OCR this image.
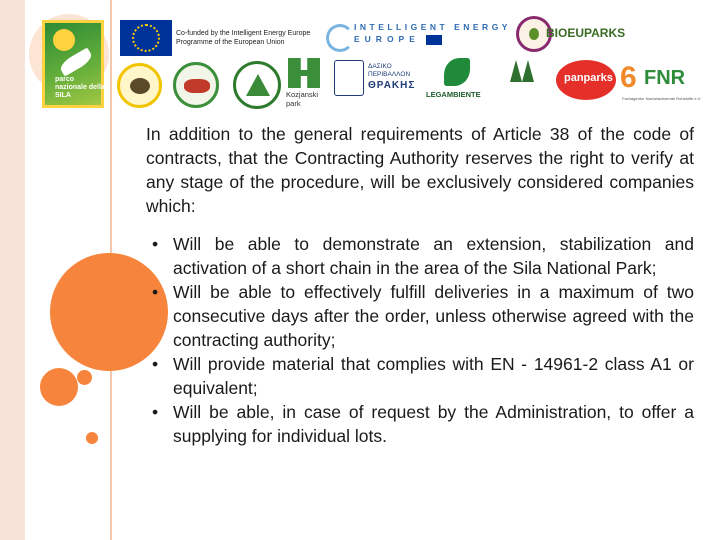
parco nazionale della SILA
Co-funded by the Intelligent Energy Europe Programme of the European Union
INTELLIGENT ENERGY
EUROPE	BIOEUPARKS
Kozjanski park
ΔΑΣΙΚΟ ΠΕΡΙΒΑΛΛΟΝ
ΘΡΑΚΗΣ
LEGAMBIENTE
panparks 6 FNR
Fachagentur Nachwachsende Rohstoffe e.V.

In addition to the general requirements of Article 38 of the code of contracts, that the Contracting Authority reserves the right to verify at any stage of the procedure, will be exclusively considered companies which:

• Will be able to demonstrate an extension, stabilization and activation of a short chain in the area of the Sila National Park;
• Will be able to effectively fulfill deliveries in a maximum of two consecutive days after the order, unless otherwise agreed with the contracting authority;
• Will provide material that complies with EN - 14961-2 class A1 or equivalent;
• Will be able, in case of request by the Administration, to offer a supplying for individual lots.
